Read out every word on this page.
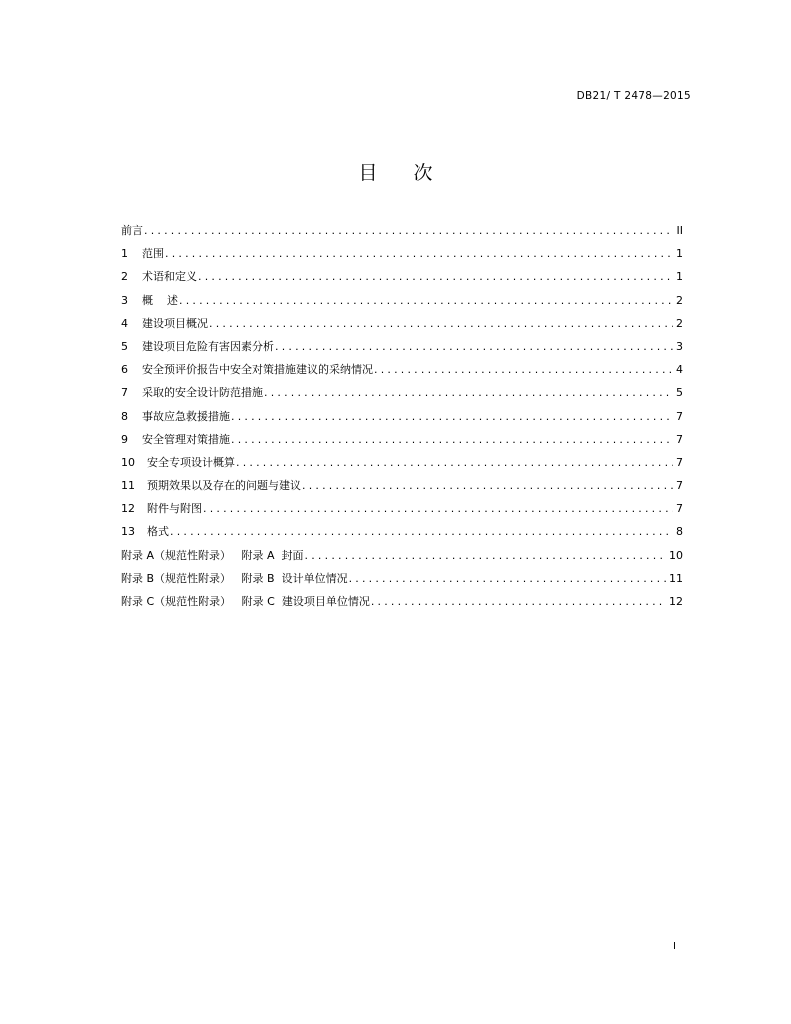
DB21/ T 2478—2015
目 次
前言 .....	II
1	范围 .....	1
2	术语和定义 .....	1
3	概    述 .....	2
4	建设项目概况 .....	2
5	建设项目危险有害因素分析 .....	3
6	安全预评价报告中安全对策措施建议的采纳情况 .....	4
7	采取的安全设计防范措施 .....	5
8	事故应急救援措施 .....	7
9	安全管理对策措施 .....	7
10	安全专项设计概算 .....	7
11	预期效果以及存在的问题与建议 .....	7
12	附件与附图 .....	7
13	格式 .....	8
附录 A（规范性附录）   附录 A  封面 .....	10
附录 B（规范性附录）   附录 B  设计单位情况 .....	11
附录 C（规范性附录）   附录 C  建设项目单位情况 .....	12
I
